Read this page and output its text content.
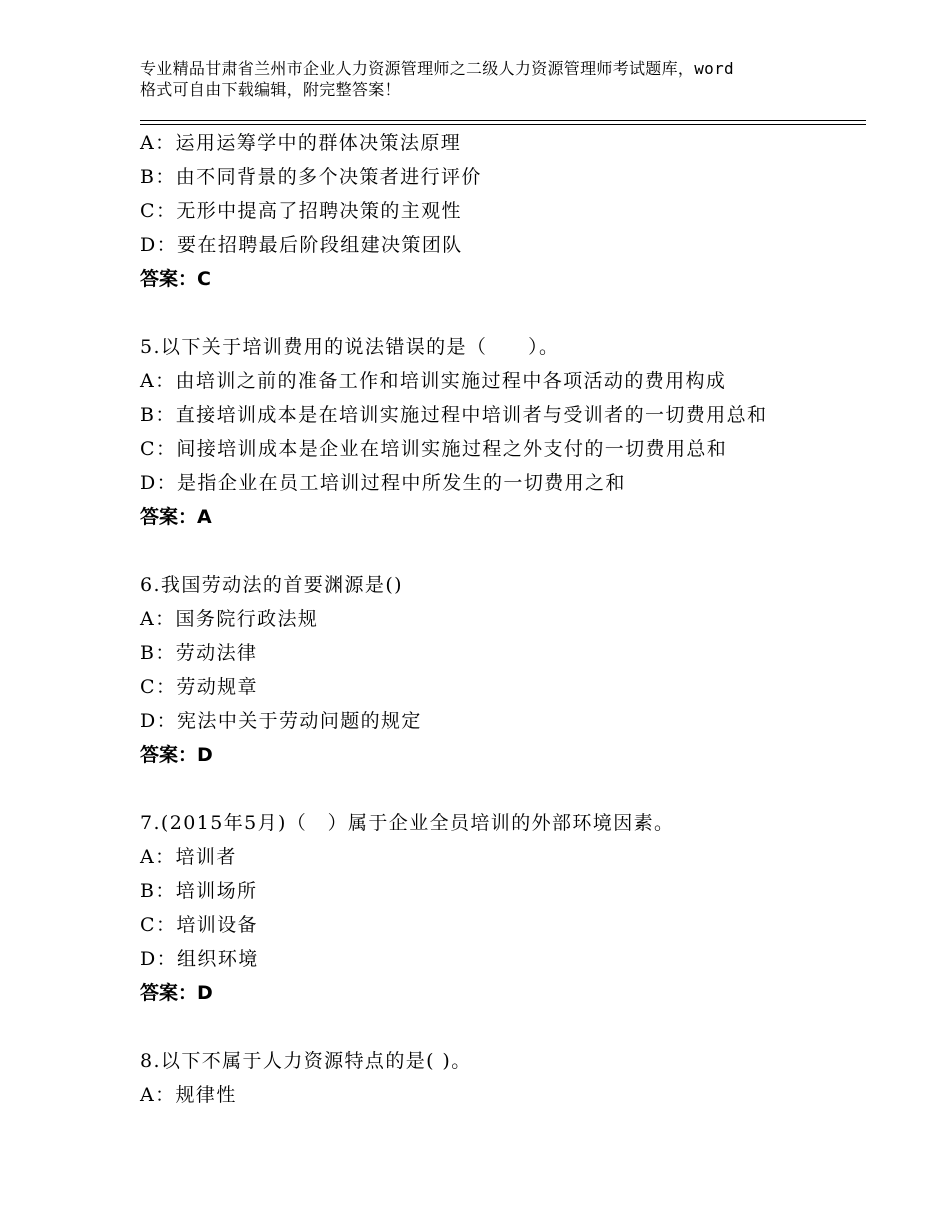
专业精品甘肃省兰州市企业人力资源管理师之二级人力资源管理师考试题库，word
格式可自由下载编辑，附完整答案！
A：运用运筹学中的群体决策法原理
B：由不同背景的多个决策者进行评价
C：无形中提高了招聘决策的主观性
D：要在招聘最后阶段组建决策团队
答案：C
5.以下关于培训费用的说法错误的是（　　）。
A：由培训之前的准备工作和培训实施过程中各项活动的费用构成
B：直接培训成本是在培训实施过程中培训者与受训者的一切费用总和
C：间接培训成本是企业在培训实施过程之外支付的一切费用总和
D：是指企业在员工培训过程中所发生的一切费用之和
答案：A
6.我国劳动法的首要渊源是()
A：国务院行政法规
B：劳动法律
C：劳动规章
D：宪法中关于劳动问题的规定
答案：D
7.(2015年5月)（　）属于企业全员培训的外部环境因素。
A：培训者
B：培训场所
C：培训设备
D：组织环境
答案：D
8.以下不属于人力资源特点的是( )。
A：规律性
